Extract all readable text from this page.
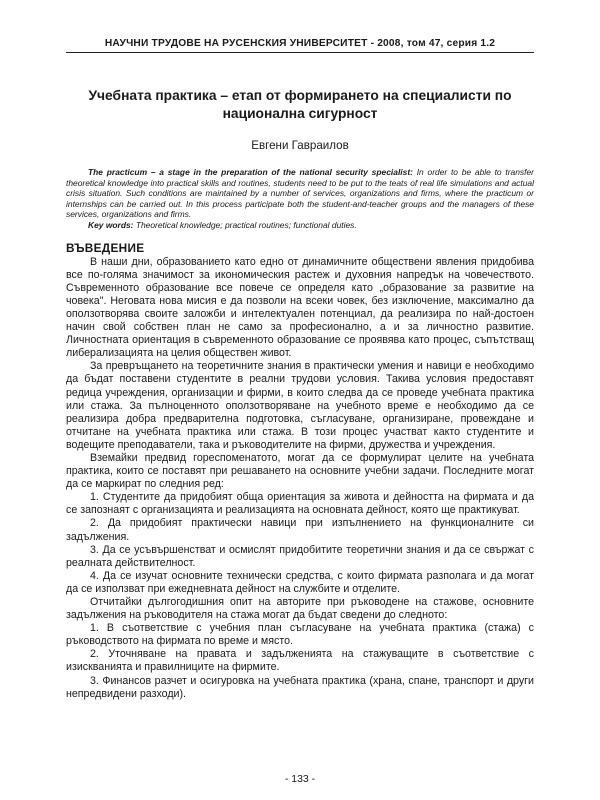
НАУЧНИ ТРУДОВЕ НА РУСЕНСКИЯ УНИВЕРСИТЕТ - 2008, том 47, серия 1.2
Учебната практика – етап от формирането на специалисти по
национална сигурност
Евгени Гавраилов
The practicum – a stage in the preparation of the national security specialist: In order to be able to transfer theoretical knowledge into practical skills and routines, students need to be put to the teats of real life simulations and actual crisis situation. Such conditions are maintained by a number of services, organizations and firms, where the practicum or internships can be carried out. In this process participate both the student-and-teacher groups and the managers of these services, organizations and firms.
Key words: Theoretical knowledge; practical routines; functional duties.
ВЪВЕДЕНИЕ

В наши дни, образованието като едно от динамичните обществени явления придобива все по-голяма значимост за икономическия растеж и духовния напредък на човечеството. Съвременното образование все повече се определя като „образование за развитие на човека". Неговата нова мисия е да позволи на всеки човек, без изключение, максимално да оползотворява своите заложби и интелектуален потенциал, да реализира по най-достоен начин свой собствен план не само за професионално, а и за личностно развитие. Личностната ориентация в съвременното образование се проявява като процес, съпътстващ либерализацията на целия обществен живот.

За превръщането на теоретичните знания в практически умения и навици е необходимо да бъдат поставени студентите в реални трудови условия. Такива условия предоставят редица учреждения, организации и фирми, в които следва да се проведе учебната практика или стажа. За пълноценното оползотворяване на учебното време е необходимо да се реализира добра предварителна подготовка, съгласуване, организиране, провеждане и отчитане на учебната практика или стажа. В този процес участват както студентите и водещите преподаватели, така и ръководителите на фирми, дружества и учреждения.

Вземайки предвид гореспоменатото, могат да се формулират целите на учебната практика, които се поставят при решаването на основните учебни задачи. Последните могат да се маркират по следния ред:

1. Студентите да придобият обща ориентация за живота и дейността на фирмата и да се запознаят с организацията и реализацията на основната дейност, която ще практикуват.

2. Да придобият практически навици при изпълнението на функционалните си задължения.

3. Да се усъвършенстват и осмислят придобитите теоретични знания и да се свържат с реалната действителност.

4. Да се изучат основните технически средства, с които фирмата разполага и да могат да се използват при ежедневната дейност на службите и отделите.

Отчитайки дългогодишния опит на авторите при ръководене на стажове, основните задължения на ръководителя на стажа могат да бъдат сведени до следното:

1. В съответствие с учебния план съгласуване на учебната практика (стажа) с ръководството на фирмата по време и място.

2. Уточняване на правата и задълженията на стажуващите в съответствие с изискванията и правилниците на фирмите.

3. Финансов разчет и осигуровка на учебната практика (храна, спане, транспорт и други непредвидени разходи).

- 133 -
